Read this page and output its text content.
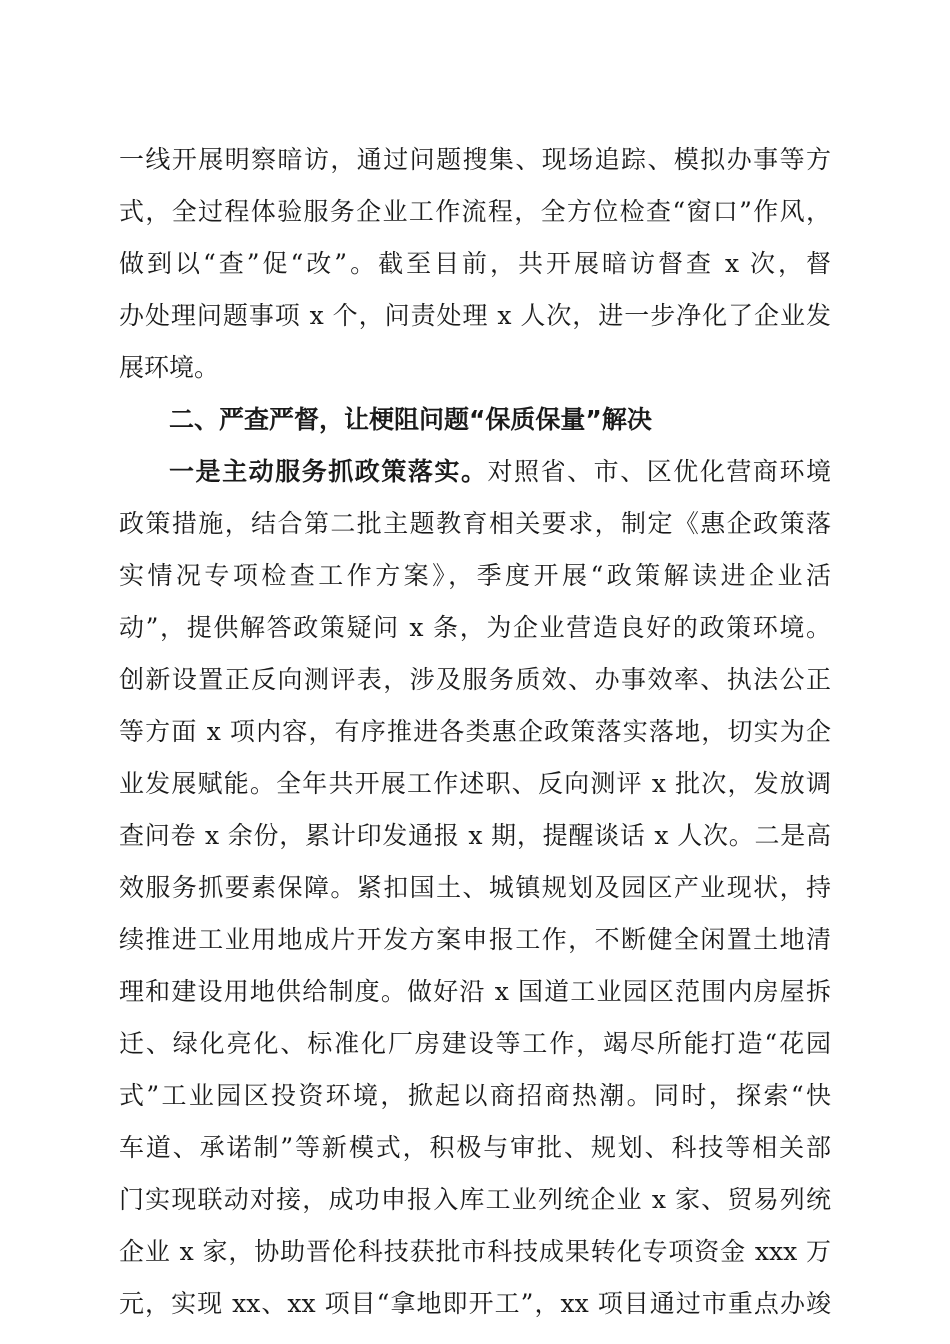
一线开展明察暗访，通过问题搜集、现场追踪、模拟办事等方
式，全过程体验服务企业工作流程，全方位检查“窗口”作风，
做到以“查”促“改”。截至目前，共开展暗访督查 x 次，督
办处理问题事项 x 个，问责处理 x 人次，进一步净化了企业发
展环境。
二、严查严督，让梗阻问题“保质保量”解决
一是主动服务抓政策落实。对照省、市、区优化营商环境
政策措施，结合第二批主题教育相关要求，制定《惠企政策落
实情况专项检查工作方案》，季度开展“政策解读进企业活
动”，提供解答政策疑问 x 条，为企业营造良好的政策环境。
创新设置正反向测评表，涉及服务质效、办事效率、执法公正
等方面 x 项内容，有序推进各类惠企政策落实落地，切实为企
业发展赋能。全年共开展工作述职、反向测评 x 批次，发放调
查问卷 x 余份，累计印发通报 x 期，提醒谈话 x 人次。二是高
效服务抓要素保障。紧扣国土、城镇规划及园区产业现状，持
续推进工业用地成片开发方案申报工作，不断健全闲置土地清
理和建设用地供给制度。做好沿 x 国道工业园区范围内房屋拆
迁、绿化亮化、标准化厂房建设等工作，竭尽所能打造“花园
式”工业园区投资环境，掀起以商招商热潮。同时，探索“快
车道、承诺制”等新模式，积极与审批、规划、科技等相关部
门实现联动对接，成功申报入库工业列统企业 x 家、贸易列统
企业 x 家，协助晋伦科技获批市科技成果转化专项资金 xxx 万
元，实现 xx、xx 项目“拿地即开工”，xx 项目通过市重点办竣
